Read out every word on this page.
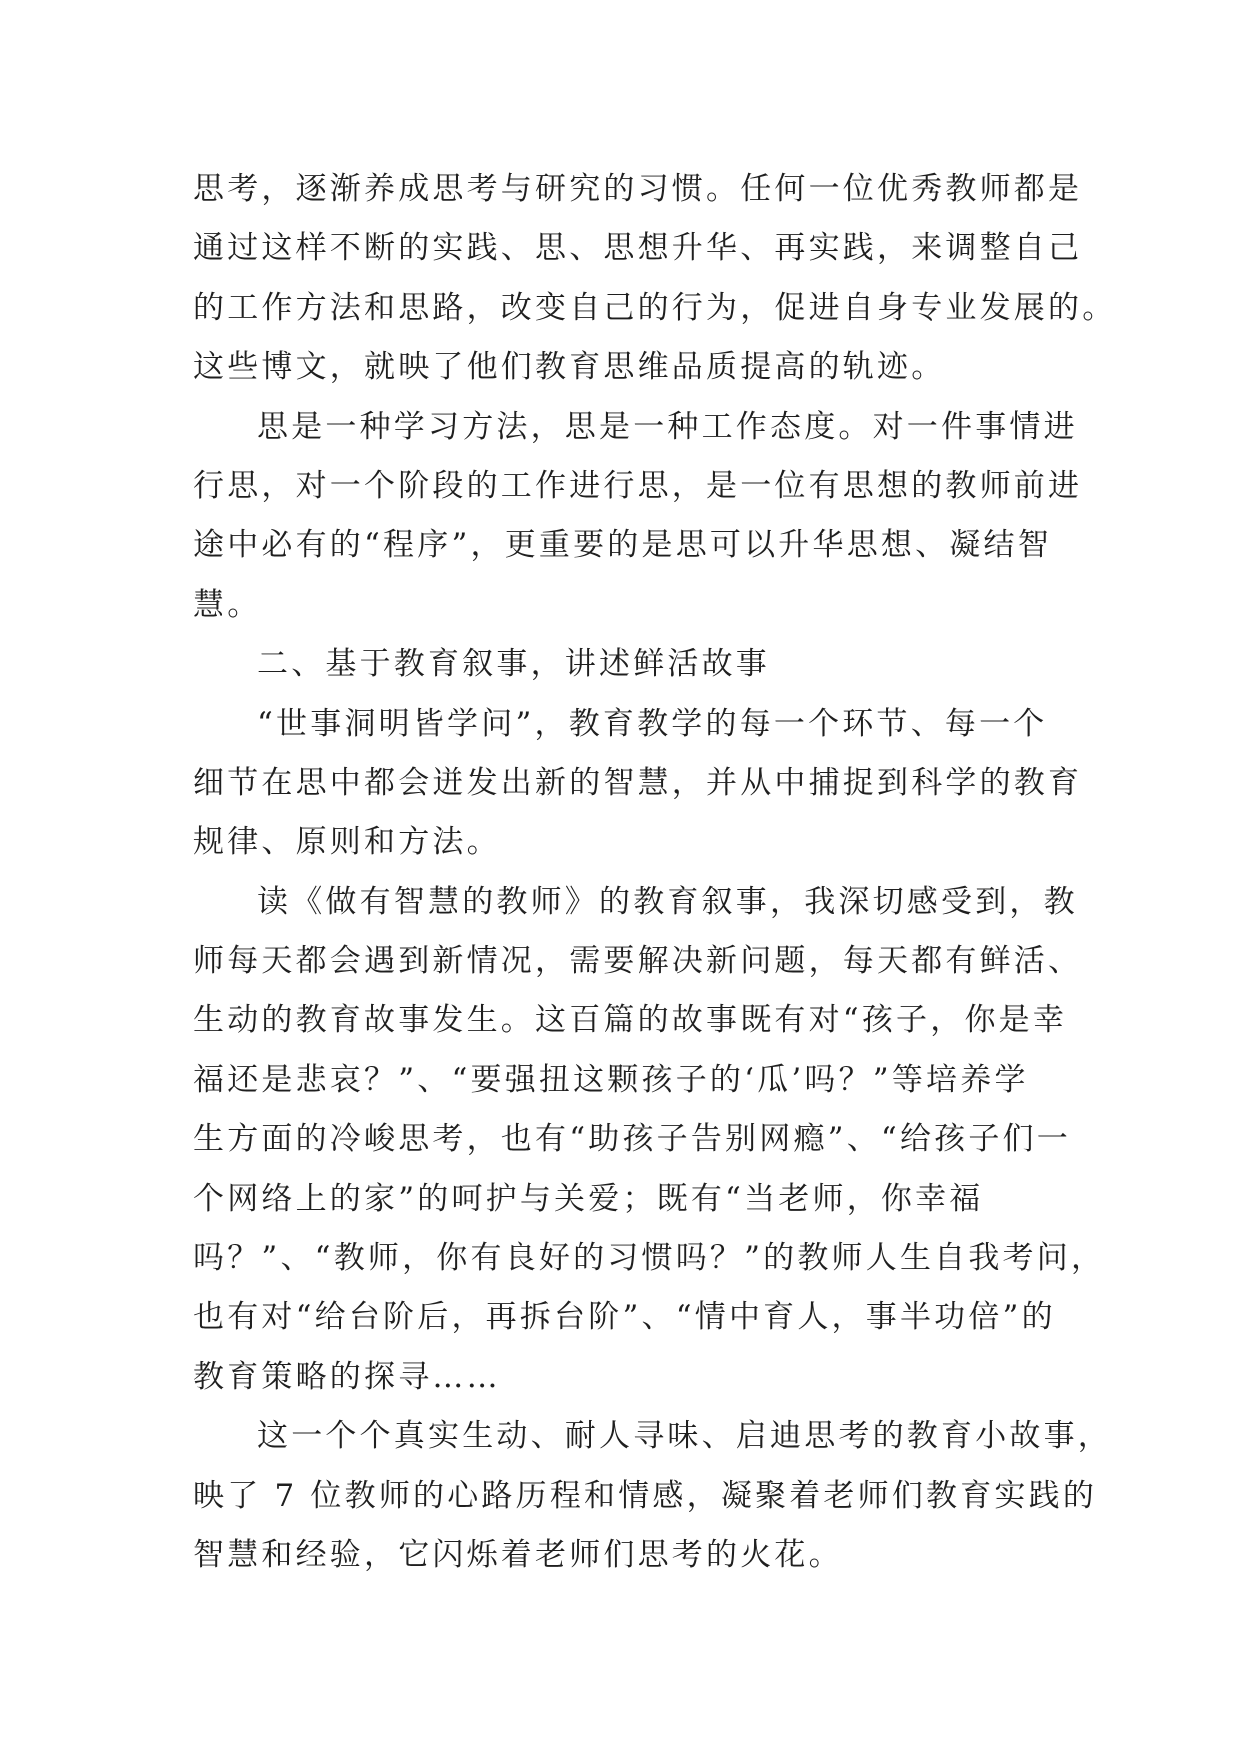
思考，逐渐养成思考与研究的习惯。任何一位优秀教师都是
通过这样不断的实践、思、思想升华、再实践，来调整自己
的工作方法和思路，改变自己的行为，促进自身专业发展的。
这些博文，就映了他们教育思维品质提高的轨迹。
思是一种学习方法，思是一种工作态度。对一件事情进
行思，对一个阶段的工作进行思，是一位有思想的教师前进
途中必有的“程序”，更重要的是思可以升华思想、凝结智
慧。
二、基于教育叙事，讲述鲜活故事
“世事洞明皆学问”，教育教学的每一个环节、每一个
细节在思中都会迸发出新的智慧，并从中捕捉到科学的教育
规律、原则和方法。
读《做有智慧的教师》的教育叙事，我深切感受到，教
师每天都会遇到新情况，需要解决新问题，每天都有鲜活、
生动的教育故事发生。这百篇的故事既有对“孩子，你是幸
福还是悲哀？”、“要强扭这颗孩子的‘瓜’吗？”等培养学
生方面的冷峻思考，也有“助孩子告别网瘾”、“给孩子们一
个网络上的家”的呵护与关爱；既有“当老师，你幸福
吗？”、“教师，你有良好的习惯吗？”的教师人生自我考问，
也有对“给台阶后，再拆台阶”、“情中育人，事半功倍”的
教育策略的探寻……
这一个个真实生动、耐人寻味、启迪思考的教育小故事，
映了 7 位教师的心路历程和情感，凝聚着老师们教育实践的
智慧和经验，它闪烁着老师们思考的火花。
